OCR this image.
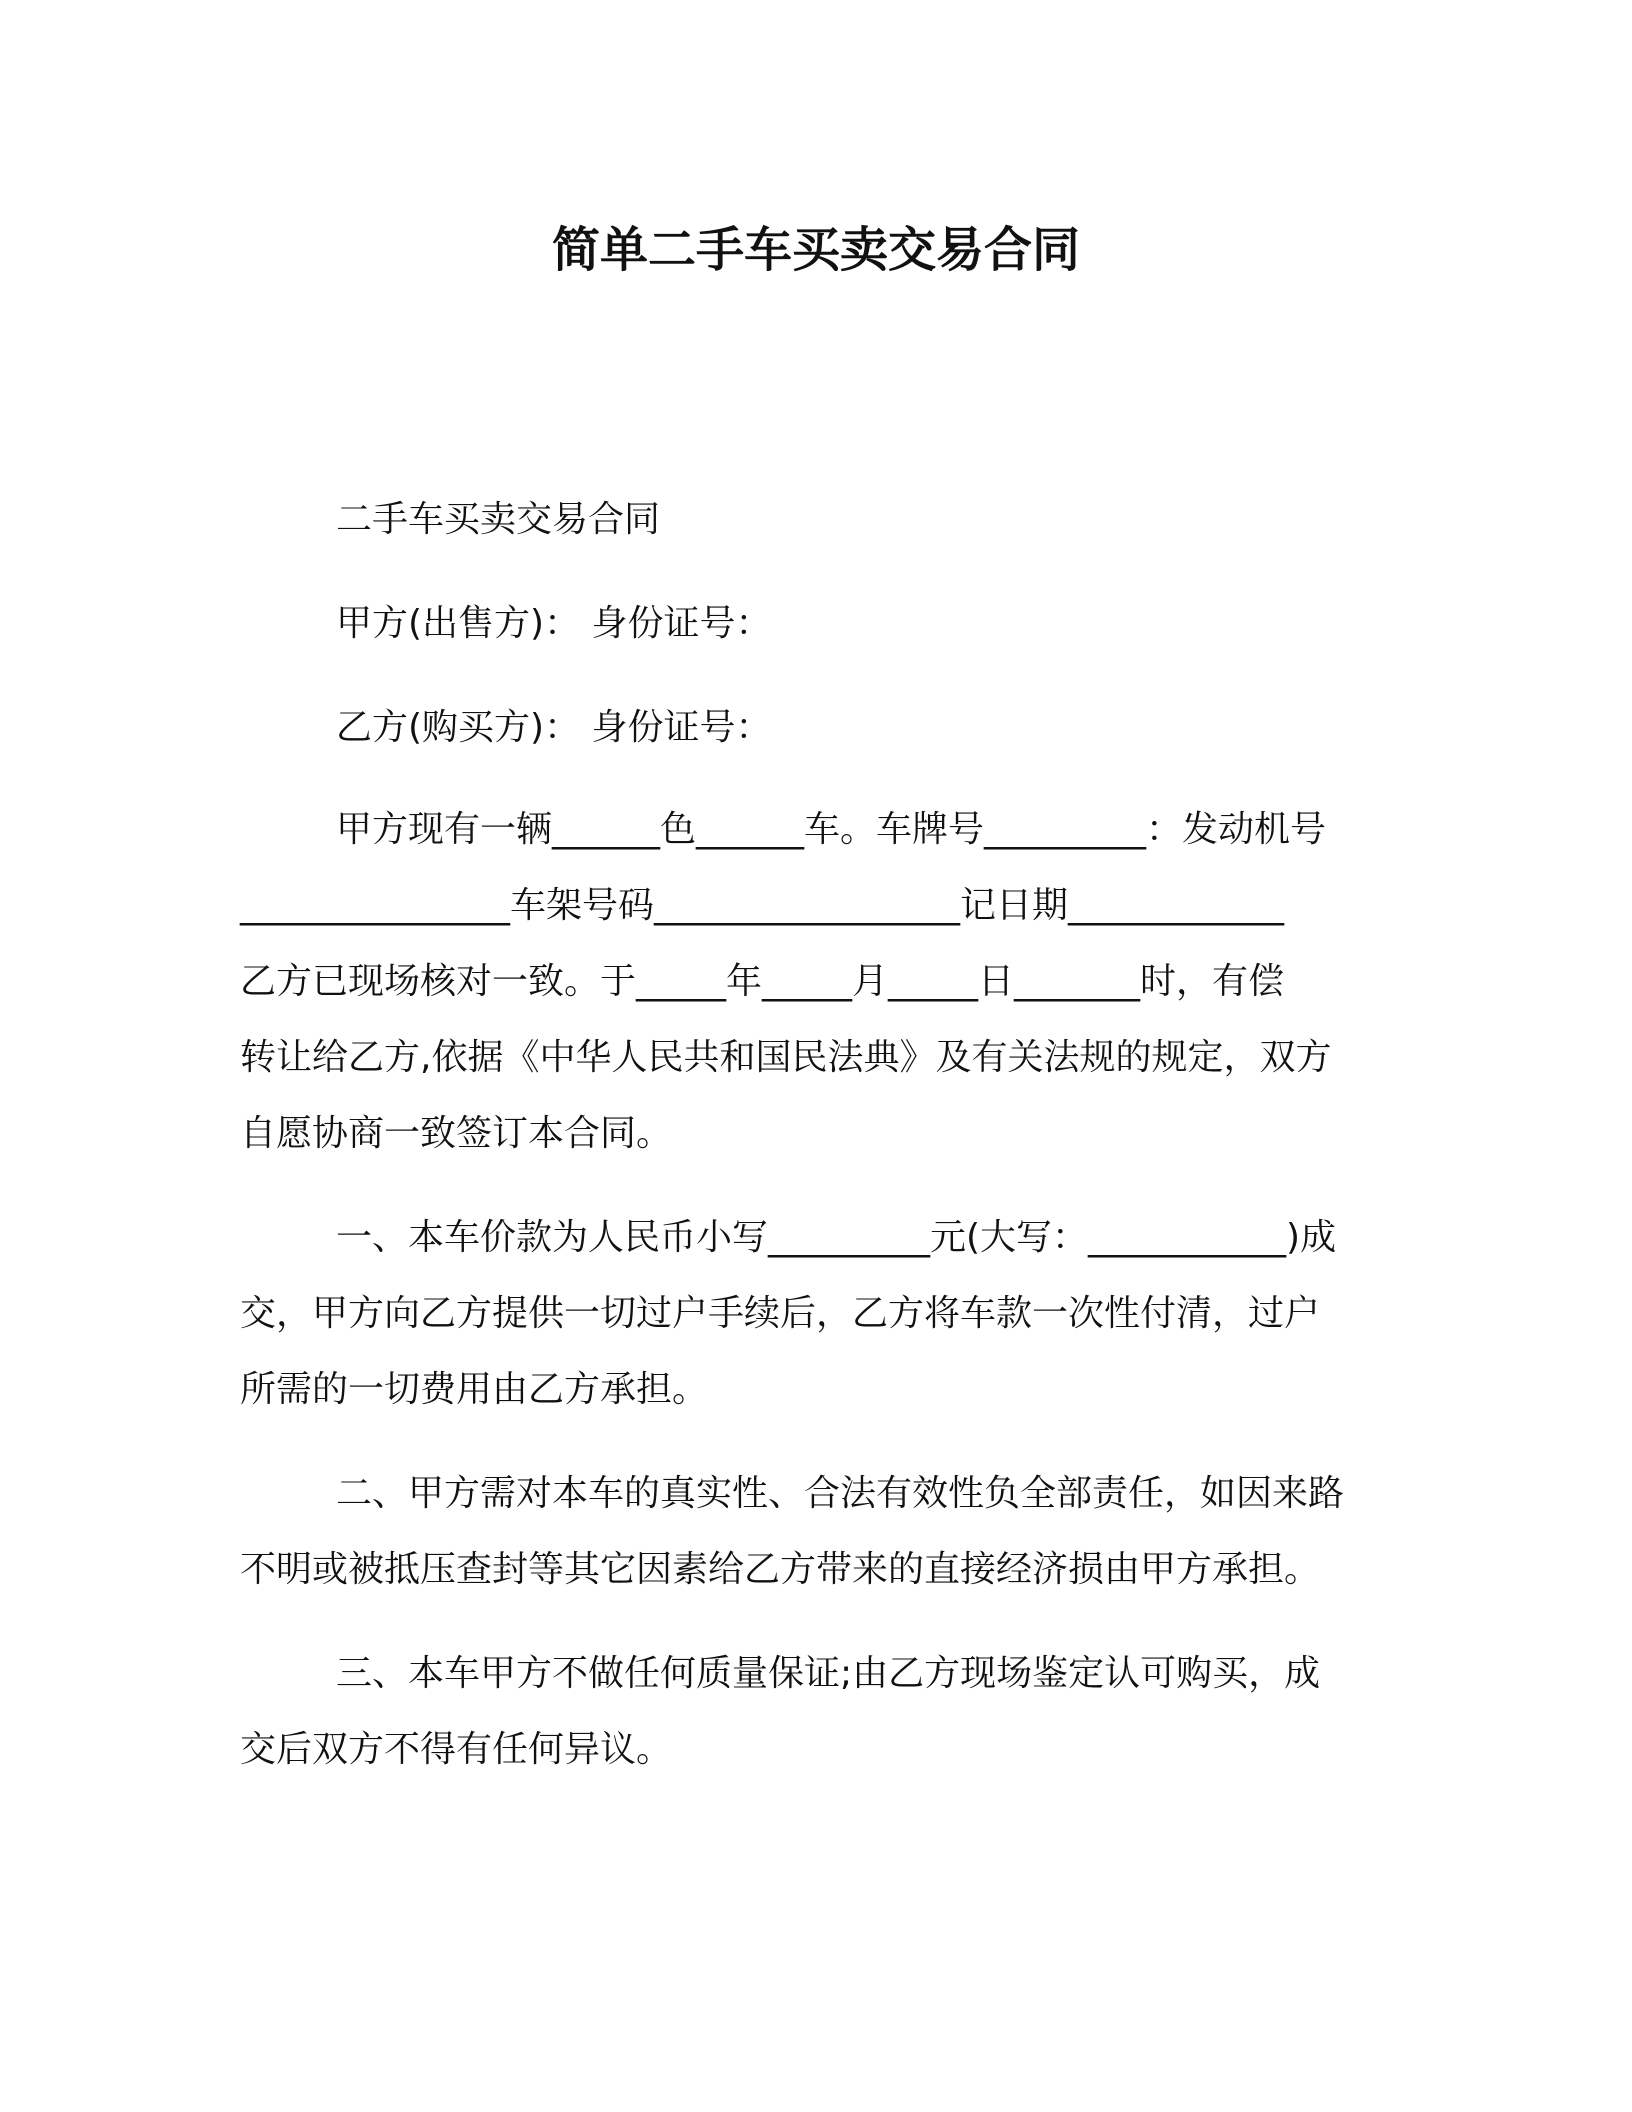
简单二手车买卖交易合同
二手车买卖交易合同
甲方(出售方)： 身份证号：
乙方(购买方)： 身份证号：
甲方现有一辆______色______车。车牌号_________：发动机号
_______________车架号码_________________记日期____________
乙方已现场核对一致。于_____年_____月_____日_______时，有偿
转让给乙方,依据《中华人民共和国民法典》及有关法规的规定，双方
自愿协商一致签订本合同。
一、本车价款为人民币小写_________元(大写：___________)成
交，甲方向乙方提供一切过户手续后，乙方将车款一次性付清，过户
所需的一切费用由乙方承担。
二、甲方需对本车的真实性、合法有效性负全部责任，如因来路
不明或被抵压查封等其它因素给乙方带来的直接经济损由甲方承担。
三、本车甲方不做任何质量保证;由乙方现场鉴定认可购买，成
交后双方不得有任何异议。
